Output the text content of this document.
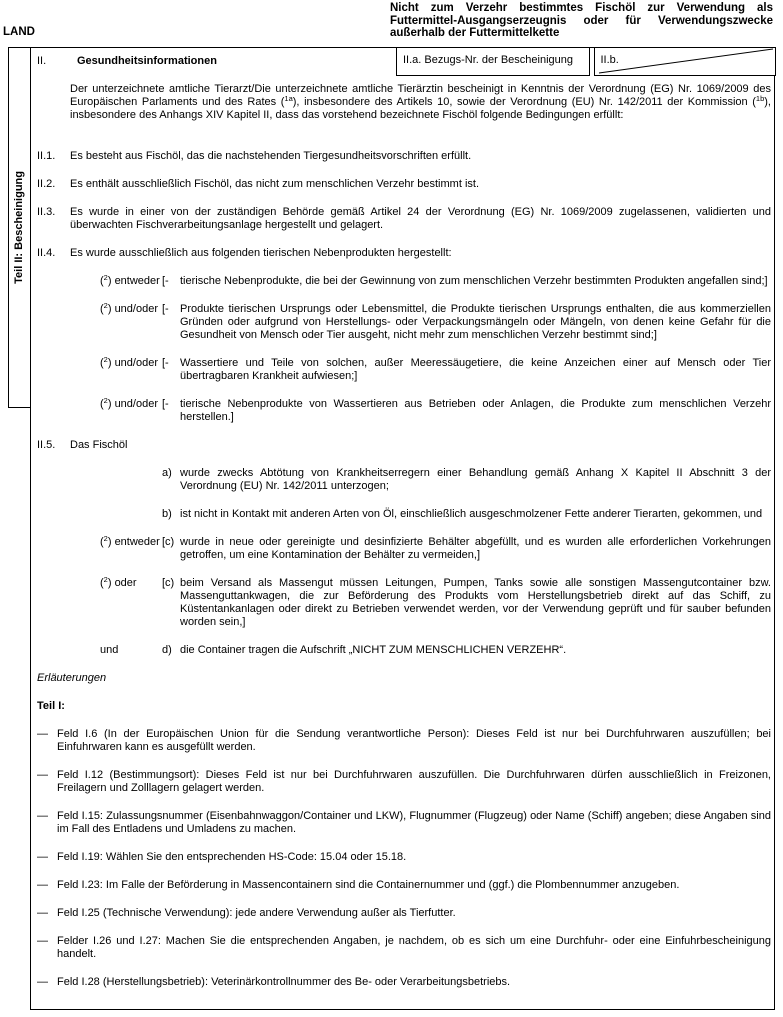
LAND
Nicht zum Verzehr bestimmtes Fischöl zur Verwendung als
Futtermittel-Ausgangserzeugnis oder für Verwendungszwecke
außerhalb der Futtermittelkette
Teil II: Bescheinigung
II.	Gesundheitsinformationen	II.a. Bezugs-Nr. der Bescheinigung	II.b.
Der unterzeichnete amtliche Tierarzt/Die unterzeichnete amtliche Tierärztin bescheinigt in Kenntnis der Verordnung (EG) Nr. 1069/2009 des Europäischen Parlaments und des Rates ($^{1a}$), insbesondere des Artikels 10, sowie der Verordnung (EU) Nr. 142/2011 der Kommission ($^{1b}$), insbesondere des Anhangs XIV Kapitel II, dass das vorstehend bezeichnete Fischöl folgende Bedingungen erfüllt:
II.1.	Es besteht aus Fischöl, das die nachstehenden Tiergesundheitsvorschriften erfüllt.
II.2.	Es enthält ausschließlich Fischöl, das nicht zum menschlichen Verzehr bestimmt ist.
II.3.	Es wurde in einer von der zuständigen Behörde gemäß Artikel 24 der Verordnung (EG) Nr. 1069/2009 zugelassenen, validierten und überwachten Fischverarbeitungsanlage hergestellt und gelagert.
II.4.	Es wurde ausschließlich aus folgenden tierischen Nebenprodukten hergestellt:
($^2$) entweder [-	tierische Nebenprodukte, die bei der Gewinnung von zum menschlichen Verzehr bestimmten Produkten angefallen sind;]
($^2$) und/oder [-	Produkte tierischen Ursprungs oder Lebensmittel, die Produkte tierischen Ursprungs enthalten, die aus kommerziellen Gründen oder aufgrund von Herstellungs- oder Verpackungsmängeln oder Mängeln, von denen keine Gefahr für die Gesundheit von Mensch oder Tier ausgeht, nicht mehr zum menschlichen Verzehr bestimmt sind;]
($^2$) und/oder [-	Wassertiere und Teile von solchen, außer Meeressäugetiere, die keine Anzeichen einer auf Mensch oder Tier übertragbaren Krankheit aufwiesen;]
($^2$) und/oder [-	tierische Nebenprodukte von Wassertieren aus Betrieben oder Anlagen, die Produkte zum menschlichen Verzehr herstellen.]
II.5.	Das Fischöl
a) wurde zwecks Abtötung von Krankheitserregern einer Behandlung gemäß Anhang X Kapitel II Abschnitt 3 der Verordnung (EU) Nr. 142/2011 unterzogen;
b) ist nicht in Kontakt mit anderen Arten von Öl, einschließlich ausgeschmolzener Fette anderer Tierarten, gekommen, und
($^2$) entweder [c) wurde in neue oder gereinigte und desinfizierte Behälter abgefüllt, und es wurden alle erforderlichen Vorkehrungen getroffen, um eine Kontamination der Behälter zu vermeiden,]
($^2$) oder	[c) beim Versand als Massengut müssen Leitungen, Pumpen, Tanks sowie alle sonstigen Massengutcontainer bzw. Massenguttankwagen, die zur Beförderung des Produkts vom Herstellungsbetrieb direkt auf das Schiff, zu Küstentankanlagen oder direkt zu Betrieben verwendet werden, vor der Verwendung geprüft und für sauber befunden worden sein,]
und	d) die Container tragen die Aufschrift „NICHT ZUM MENSCHLICHEN VERZEHR“.
Erläuterungen
Teil I:
— Feld I.6 (In der Europäischen Union für die Sendung verantwortliche Person): Dieses Feld ist nur bei Durchfuhrwaren auszufüllen; bei Einfuhrwaren kann es ausgefüllt werden.
— Feld I.12 (Bestimmungsort): Dieses Feld ist nur bei Durchfuhrwaren auszufüllen. Die Durchfuhrwaren dürfen ausschließlich in Freizonen, Freilagern und Zolllagern gelagert werden.
— Feld I.15: Zulassungsnummer (Eisenbahnwaggon/Container und LKW), Flugnummer (Flugzeug) oder Name (Schiff) angeben; diese Angaben sind im Fall des Entladens und Umladens zu machen.
— Feld I.19: Wählen Sie den entsprechenden HS-Code: 15.04 oder 15.18.
— Feld I.23: Im Falle der Beförderung in Massencontainern sind die Containernummer und (ggf.) die Plombennummer anzugeben.
— Feld I.25 (Technische Verwendung): jede andere Verwendung außer als Tierfutter.
— Felder I.26 und I.27: Machen Sie die entsprechenden Angaben, je nachdem, ob es sich um eine Durchfuhr- oder eine Einfuhrbescheinigung handelt.
— Feld I.28 (Herstellungsbetrieb): Veterinärkontrollnummer des Be- oder Verarbeitungsbetriebs.
